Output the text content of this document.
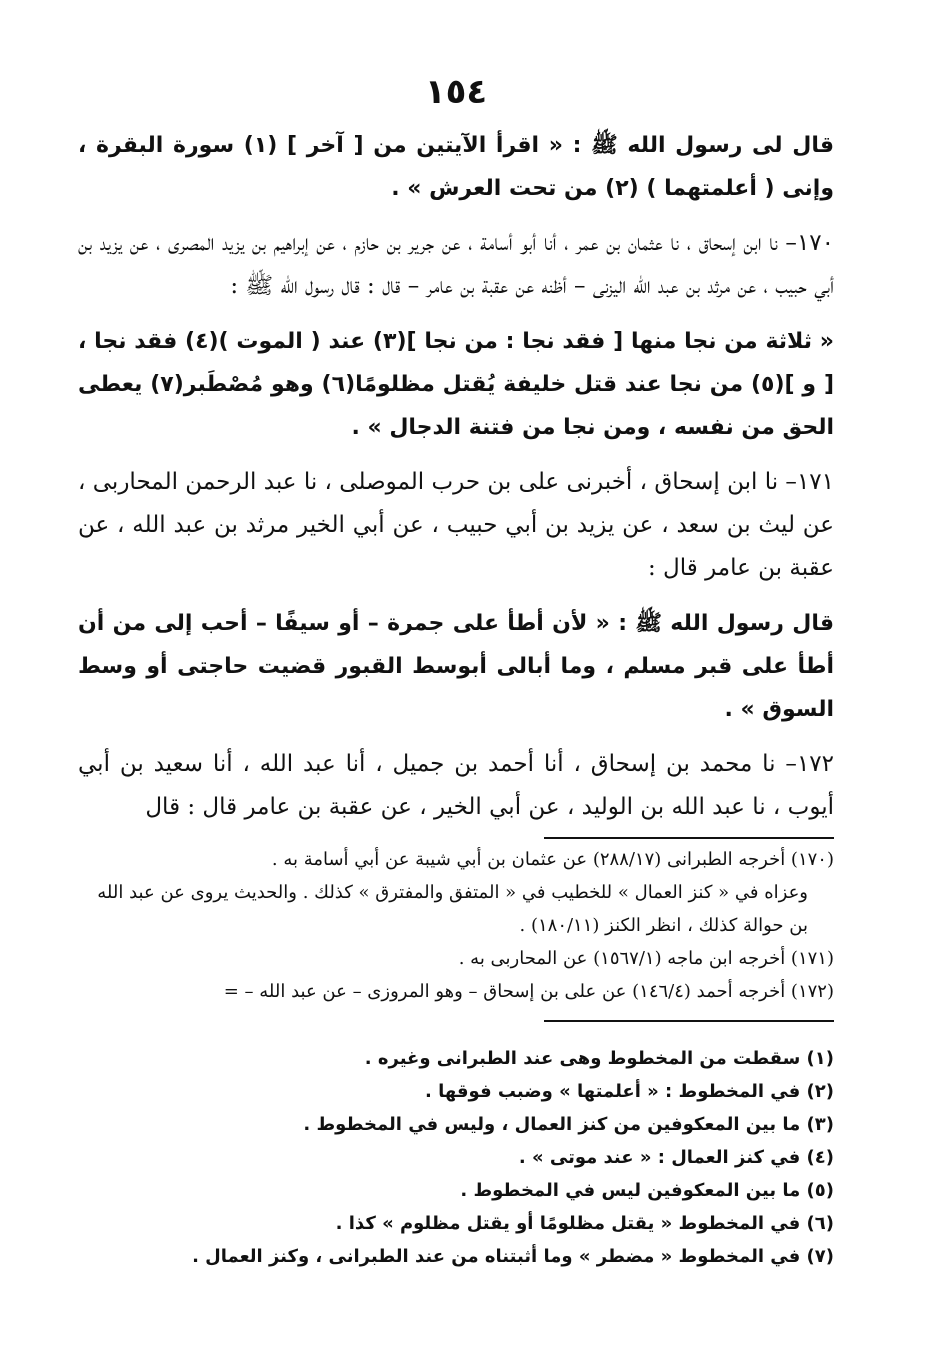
١٥٤

قال لى رسول الله ﷺ : « اقرأ الآيتين من [ آخر ] (١) سورة البقرة ، وإنى ( أعلمتهما ) (٢) من تحت العرش » .

١٧٠– نا ابن إسحاق ، نا عثمان بن عمر ، أنا أبو أسامة ، عن جرير بن حازم ، عن إبراهيم بن يزيد المصرى ، عن يزيد بن أبي حبيب ، عن مرثد بن عبد الله اليزنى – أظنه عن عقبة بن عامر – قال : قال رسول الله ﷺ :

« ثلاثة من نجا منها [ فقد نجا : من نجا ](٣) عند ( الموت )(٤) فقد نجا ، [ و ](٥) من نجا عند قتل خليفة يُقتل مظلومًا(٦) وهو مُصْطَبر(٧) يعطى الحق من نفسه ، ومن نجا من فتنة الدجال » .

١٧١– نا ابن إسحاق ، أخبرنى على بن حرب الموصلى ، نا عبد الرحمن المحاربى ، عن ليث بن سعد ، عن يزيد بن أبي حبيب ، عن أبي الخير مرثد بن عبد الله ، عن عقبة بن عامر قال :

قال رسول الله ﷺ : « لأن أطأ على جمرة – أو سيفًا – أحب إلى من أن أطأ على قبر مسلم ، وما أبالى أبوسط القبور قضيت حاجتى أو وسط السوق » .

١٧٢– نا محمد بن إسحاق ، أنا أحمد بن جميل ، أنا عبد الله ، أنا سعيد بن أبي أيوب ، نا عبد الله بن الوليد ، عن أبي الخير ، عن عقبة بن عامر قال : قال

(١٧٠) أخرجه الطبرانى (٢٨٨/١٧) عن عثمان بن أبي شيبة عن أبي أسامة به .
وعزاه في « كنز العمال » للخطيب في « المتفق والمفترق » كذلك . والحديث يروى عن عبد الله بن حوالة كذلك ، انظر الكنز (١٨٠/١١) .
(١٧١) أخرجه ابن ماجه (١٥٦٧/١) عن المحاربى به .
(١٧٢) أخرجه أحمد (١٤٦/٤) عن على بن إسحاق – وهو المروزى – عن عبد الله – =
(١) سقطت من المخطوط وهى عند الطبرانى وغيره .
(٢) في المخطوط : « أعلمتها » وضبب فوقها .
(٣) ما بين المعكوفين من كنز العمال ، وليس في المخطوط .
(٤) في كنز العمال : « عند موتى » .
(٥) ما بين المعكوفين ليس في المخطوط .
(٦) في المخطوط « يقتل مظلومًا أو يقتل مظلوم » كذا .
(٧) في المخطوط « مضطر » وما أثبتناه من عند الطبرانى ، وكنز العمال .
